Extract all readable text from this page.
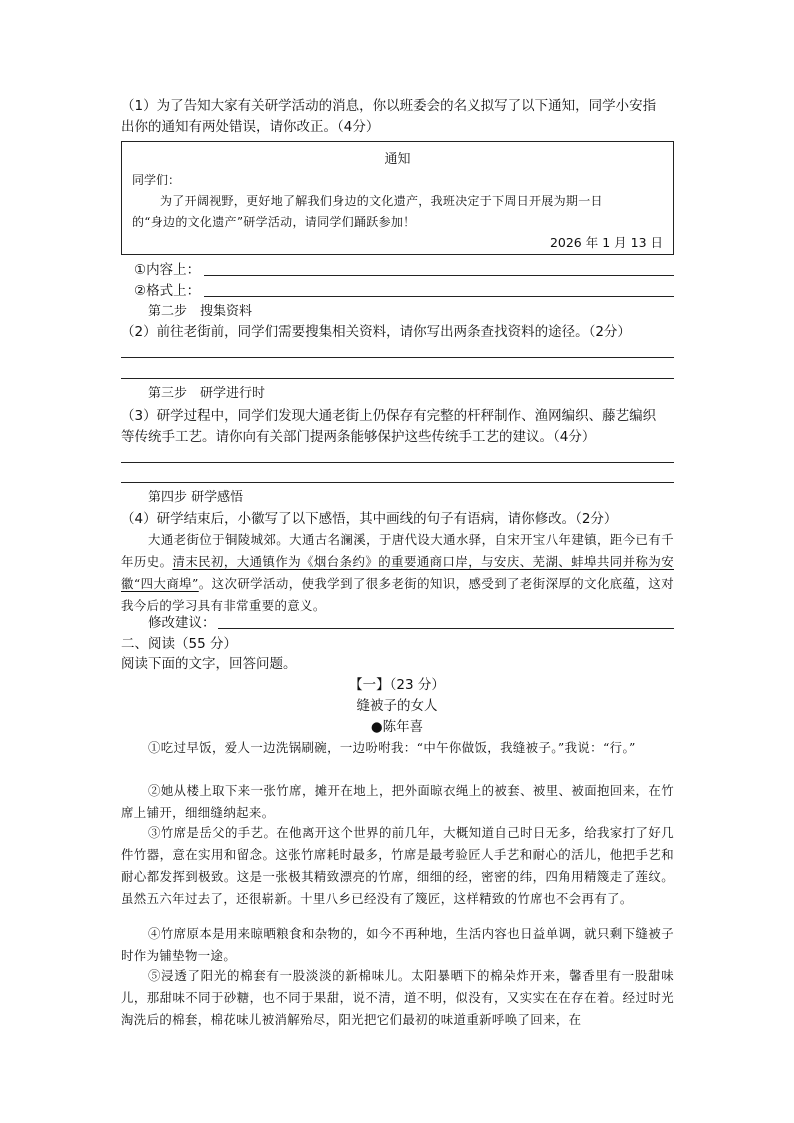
（1）为了告知大家有关研学活动的消息，你以班委会的名义拟写了以下通知，同学小安指
出你的通知有两处错误，请你改正。（4分）
通知
同学们：
为了开阔视野，更好地了解我们身边的文化遗产，我班决定于下周日开展为期一日
的“身边的文化遗产”研学活动，请同学们踊跃参加！
2026 年 1 月 13 日
①内容上：
②格式上：
第二步　搜集资料
（2）前往老街前，同学们需要搜集相关资料，请你写出两条查找资料的途径。（2分）
第三步　研学进行时
（3）研学过程中，同学们发现大通老街上仍保存有完整的杆秤制作、渔网编织、藤艺编织
等传统手工艺。请你向有关部门提两条能够保护这些传统手工艺的建议。（4分）
第四步 研学感悟
（4）研学结束后，小徽写了以下感悟，其中画线的句子有语病，请你修改。（2分）
大通老街位于铜陵城郊。大通古名澜溪，于唐代设大通水驿，自宋开宝八年建镇，距今已有千年历史。清末民初，大通镇作为《烟台条约》的重要通商口岸，与安庆、芜湖、蚌埠共同并称为安徽“四大商埠”。这次研学活动，使我学到了很多老街的知识，感受到了老街深厚的文化底蕴，这对我今后的学习具有非常重要的意义。
修改建议：
二、阅读（55 分）
阅读下面的文字，回答问题。
【一】（23 分）
缝被子的女人
●陈年喜
①吃过早饭，爱人一边洗锅刷碗，一边吩咐我：“中午你做饭，我缝被子。”我说：“行。”
②她从楼上取下来一张竹席，摊开在地上，把外面晾衣绳上的被套、被里、被面抱回来，在竹席上铺开，细细缝纳起来。
③竹席是岳父的手艺。在他离开这个世界的前几年，大概知道自己时日无多，给我家打了好几件竹器，意在实用和留念。这张竹席耗时最多，竹席是最考验匠人手艺和耐心的活儿，他把手艺和耐心都发挥到极致。这是一张极其精致漂亮的竹席，细细的经，密密的纬，四角用精篾走了莲纹。虽然五六年过去了，还很崭新。十里八乡已经没有了篾匠，这样精致的竹席也不会再有了。
④竹席原本是用来晾晒粮食和杂物的，如今不再种地，生活内容也日益单调，就只剩下缝被子时作为铺垫物一途。
⑤浸透了阳光的棉套有一股淡淡的新棉味儿。太阳暴晒下的棉朵炸开来，馨香里有一股甜味儿，那甜味不同于砂糖，也不同于果甜，说不清，道不明，似没有，又实实在在存在着。经过时光淘洗后的棉套，棉花味儿被消解殆尽，阳光把它们最初的味道重新呼唤了回来，在
